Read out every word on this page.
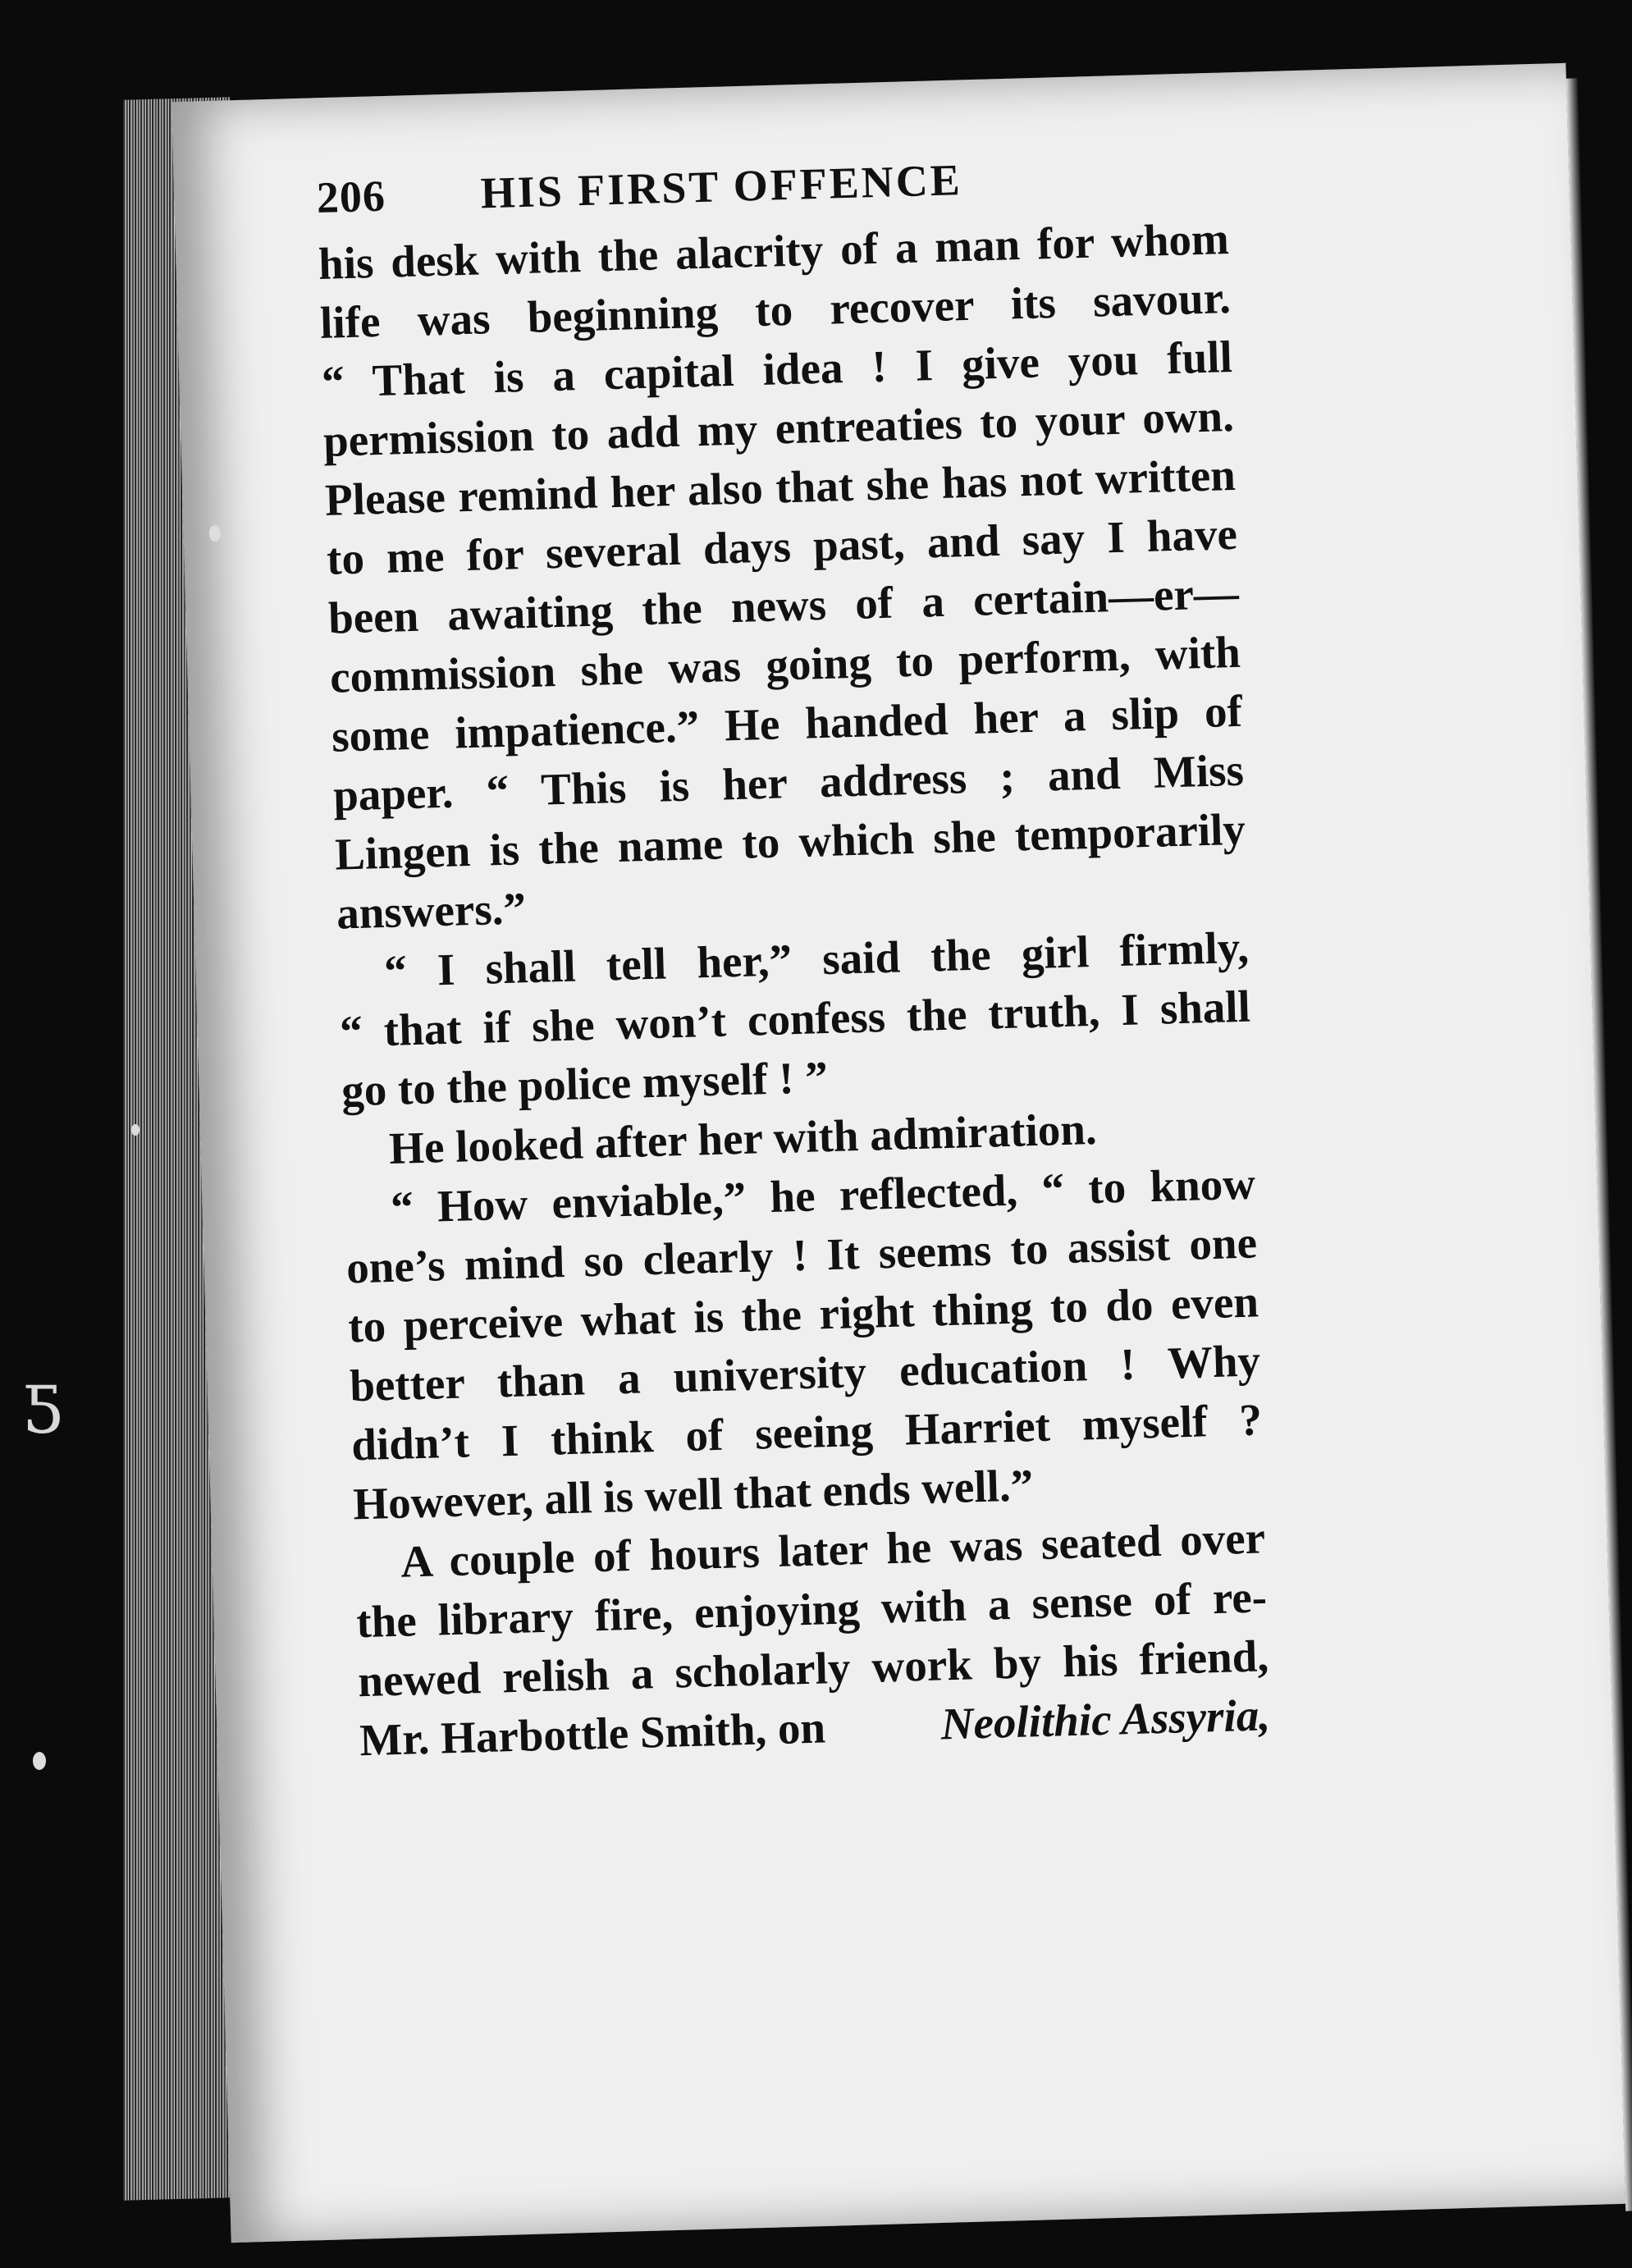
ƽ
206	HIS FIRST OFFENCE
his desk with the alacrity of a man for whom
life was beginning to recover its savour.
“ That is a capital idea ! I give you full
permission to add my entreaties to your own.
Please remind her also that she has not written
to me for several days past, and say I have
been awaiting the news of a certain—er—
commission she was going to perform, with
some impatience.” He handed her a slip of
paper. “ This is her address ; and Miss
Lingen is the name to which she temporarily
answers.”
“ I shall tell her,” said the girl firmly,
“ that if she won’t confess the truth, I shall
go to the police myself ! ”
He looked after her with admiration.
“ How enviable,” he reflected, “ to know
one’s mind so clearly ! It seems to assist one
to perceive what is the right thing to do even
better than a university education ! Why
didn’t I think of seeing Harriet myself ?
However, all is well that ends well.”
A couple of hours later he was seated over
the library fire, enjoying with a sense of re-
newed relish a scholarly work by his friend,
Mr. Harbottle Smith, on	Neolithic Assyria,
